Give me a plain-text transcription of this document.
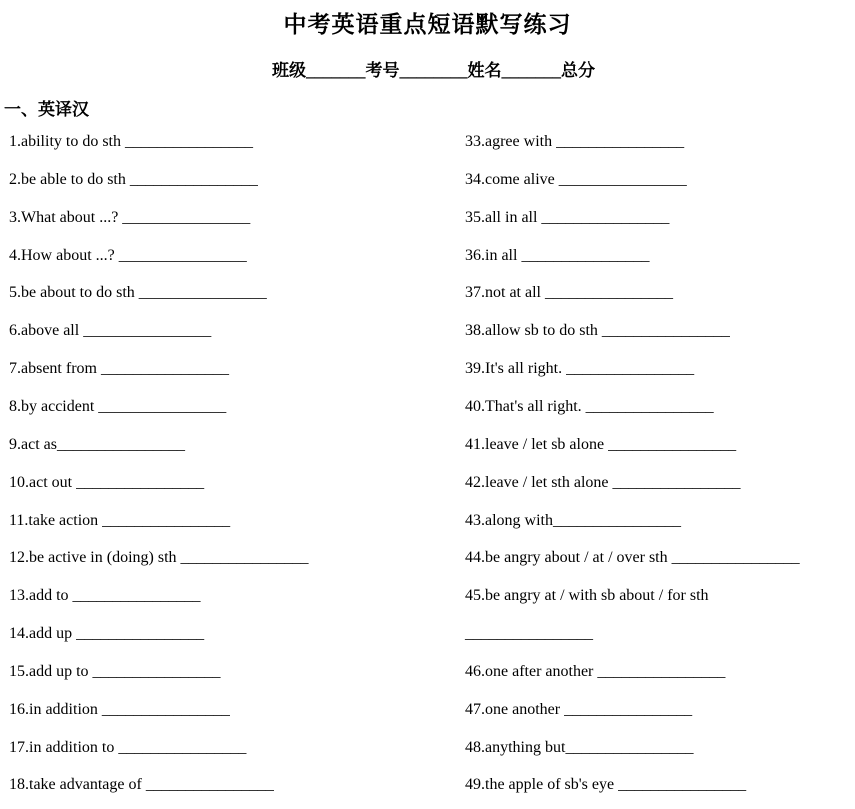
中考英语重点短语默写练习
班级_______考号________姓名_______总分
一、英译汉
1.ability to do sth ________________
2.be able to do sth ________________
3.What about ...? ________________
4.How about ...? ________________
5.be about to do sth ________________
6.above all ________________
7.absent from ________________
8.by accident ________________
9.act as________________
10.act out ________________
11.take action ________________
12.be active in (doing) sth ________________
13.add to ________________
14.add up ________________
15.add up to ________________
16.in addition ________________
17.in addition to ________________
18.take advantage of ________________
33.agree with ________________
34.come alive ________________
35.all in all ________________
36.in all ________________
37.not at all ________________
38.allow sb to do sth ________________
39.It's all right. ________________
40.That's all right. ________________
41.leave / let sb alone ________________
42.leave / let sth alone ________________
43.along with________________
44.be angry about / at / over sth ________________
45.be angry at / with sb about / for sth
________________
46.one after another ________________
47.one another ________________
48.anything but________________
49.the apple of sb's eye ________________
